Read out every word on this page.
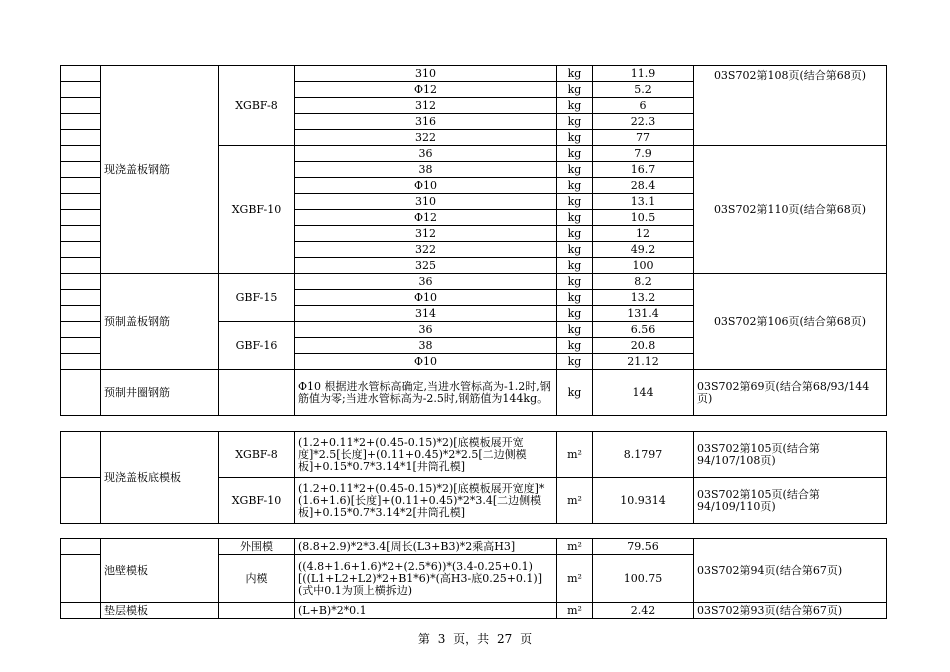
	现浇盖板钢筋	XGBF-8	310	kg	11.9	03S702第108页(结合第68页)
			Φ12	kg	5.2	
			312	kg	6	
			316	kg	22.3	
			322	kg	77	
		XGBF-10	36	kg	7.9	03S702第110页(结合第68页)
			38	kg	16.7	
			Φ10	kg	28.4	
			310	kg	13.1	
			Φ12	kg	10.5	
			312	kg	12	
			322	kg	49.2	
			325	kg	100	
	预制盖板钢筋	GBF-15	36	kg	8.2	03S702第106页(结合第68页)
			Φ10	kg	13.2	
			314	kg	131.4	
		GBF-16	36	kg	6.56	
			38	kg	20.8	
			Φ10	kg	21.12	
	预制井圈钢筋		Φ10 根据进水管标高确定,当进水管标高为-1.2时,钢筋值为零;当进水管标高为-2.5时,钢筋值为144kg。	kg	144	03S702第69页(结合第68/93/144页)
	现浇盖板底模板	XGBF-8	(1.2+0.11*2+(0.45-0.15)*2)[底模板展开宽度]*2.5[长度]+(0.11+0.45)*2*2.5[二边侧模板]+0.15*0.7*3.14*1[井筒孔模]	m²	8.1797	03S702第105页(结合第94/107/108页)
		XGBF-10	(1.2+0.11*2+(0.45-0.15)*2)[底模板展开宽度]*(1.6+1.6)[长度]+(0.11+0.45)*2*3.4[二边侧模板]+0.15*0.7*3.14*2[井筒孔模]	m²	10.9314	03S702第105页(结合第94/109/110页)
	池壁模板	外围模	(8.8+2.9)*2*3.4[周长(L3+B3)*2乘高H3]	m²	79.56	03S702第94页(结合第67页)
		内模	((4.8+1.6+1.6)*2+(2.5*6))*(3.4-0.25+0.1)[((L1+L2+L2)*2+B1*6)*(高H3-底0.25+0.1)](式中0.1为顶上横拆边)	m²	100.75	
	垫层模板		(L+B)*2*0.1	m²	2.42	03S702第93页(结合第67页)
第 3 页，共 27 页
